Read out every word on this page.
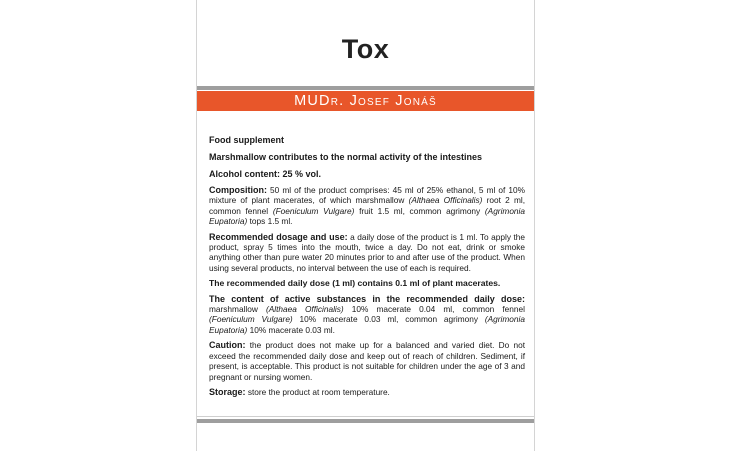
Tox
MUDr. Josef Jonáš

Food supplement

Marshmallow contributes to the normal activity of the intestines

Alcohol content: 25 % vol.

Composition: 50 ml of the product comprises: 45 ml of 25% ethanol, 5 ml of 10% mixture of plant macerates, of which marshmallow (Althaea Officinalis) root 2 ml, common fennel (Foeniculum Vulgare) fruit 1.5 ml, common agrimony (Agrimonia Eupatoria) tops 1.5 ml.

Recommended dosage and use: a daily dose of the product is 1 ml. To apply the product, spray 5 times into the mouth, twice a day. Do not eat, drink or smoke anything other than pure water 20 minutes prior to and after use of the product. When using several products, no interval between the use of each is required.

The recommended daily dose (1 ml) contains 0.1 ml of plant macerates.

The content of active substances in the recommended daily dose: marshmallow (Althaea Officinalis) 10% macerate 0.04 ml, common fennel (Foeniculum Vulgare) 10% macerate 0.03 ml, common agrimony (Agrimonia Eupatoria) 10% macerate 0.03 ml.

Caution: the product does not make up for a balanced and varied diet. Do not exceed the recommended daily dose and keep out of reach of children. Sediment, if present, is acceptable. This product is not suitable for children under the age of 3 and pregnant or nursing women.

Storage: store the product at room temperature.
